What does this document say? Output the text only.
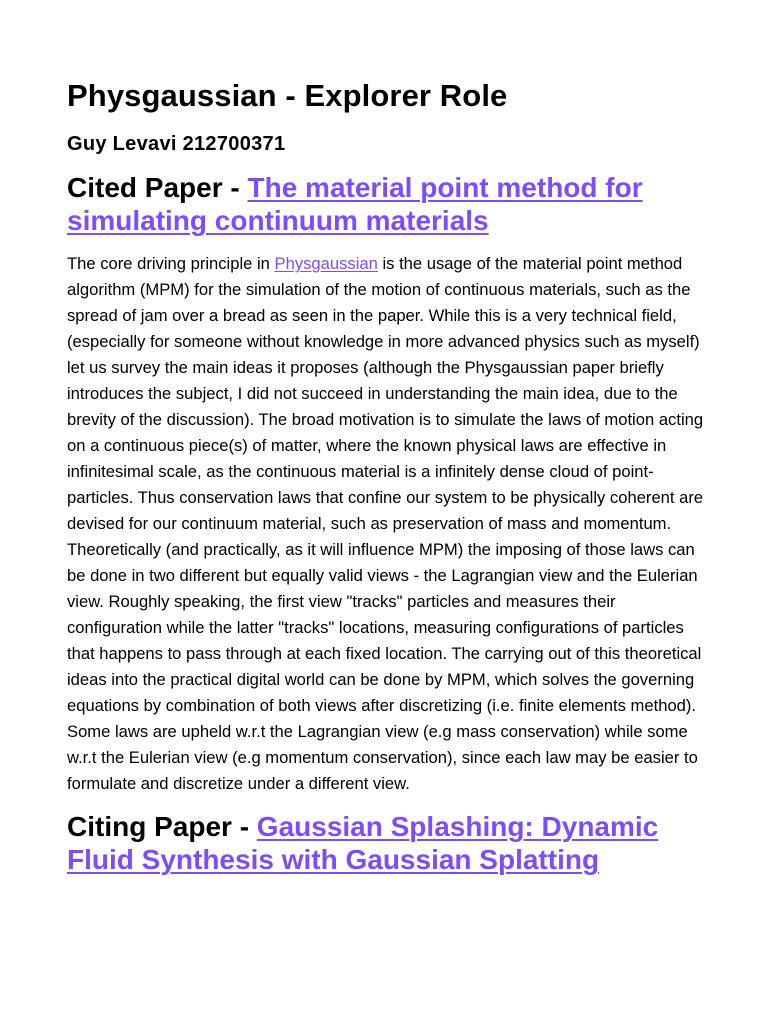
Physgaussian - Explorer Role
Guy Levavi 212700371
Cited Paper - The material point method for simulating continuum materials

The core driving principle in Physgaussian is the usage of the material point method algorithm (MPM) for the simulation of the motion of continuous materials, such as the spread of jam over a bread as seen in the paper. While this is a very technical field, (especially for someone without knowledge in more advanced physics such as myself) let us survey the main ideas it proposes (although the Physgaussian paper briefly introduces the subject, I did not succeed in understanding the main idea, due to the brevity of the discussion). The broad motivation is to simulate the laws of motion acting on a continuous piece(s) of matter, where the known physical laws are effective in infinitesimal scale, as the continuous material is a infinitely dense cloud of point-particles. Thus conservation laws that confine our system to be physically coherent are devised for our continuum material, such as preservation of mass and momentum. Theoretically (and practically, as it will influence MPM) the imposing of those laws can be done in two different but equally valid views - the Lagrangian view and the Eulerian view. Roughly speaking, the first view "tracks" particles and measures their configuration while the latter "tracks" locations, measuring configurations of particles that happens to pass through at each fixed location. The carrying out of this theoretical ideas into the practical digital world can be done by MPM, which solves the governing equations by combination of both views after discretizing (i.e. finite elements method). Some laws are upheld w.r.t the Lagrangian view (e.g mass conservation) while some w.r.t the Eulerian view (e.g momentum conservation), since each law may be easier to formulate and discretize under a different view.

Citing Paper - Gaussian Splashing: Dynamic Fluid Synthesis with Gaussian Splatting
